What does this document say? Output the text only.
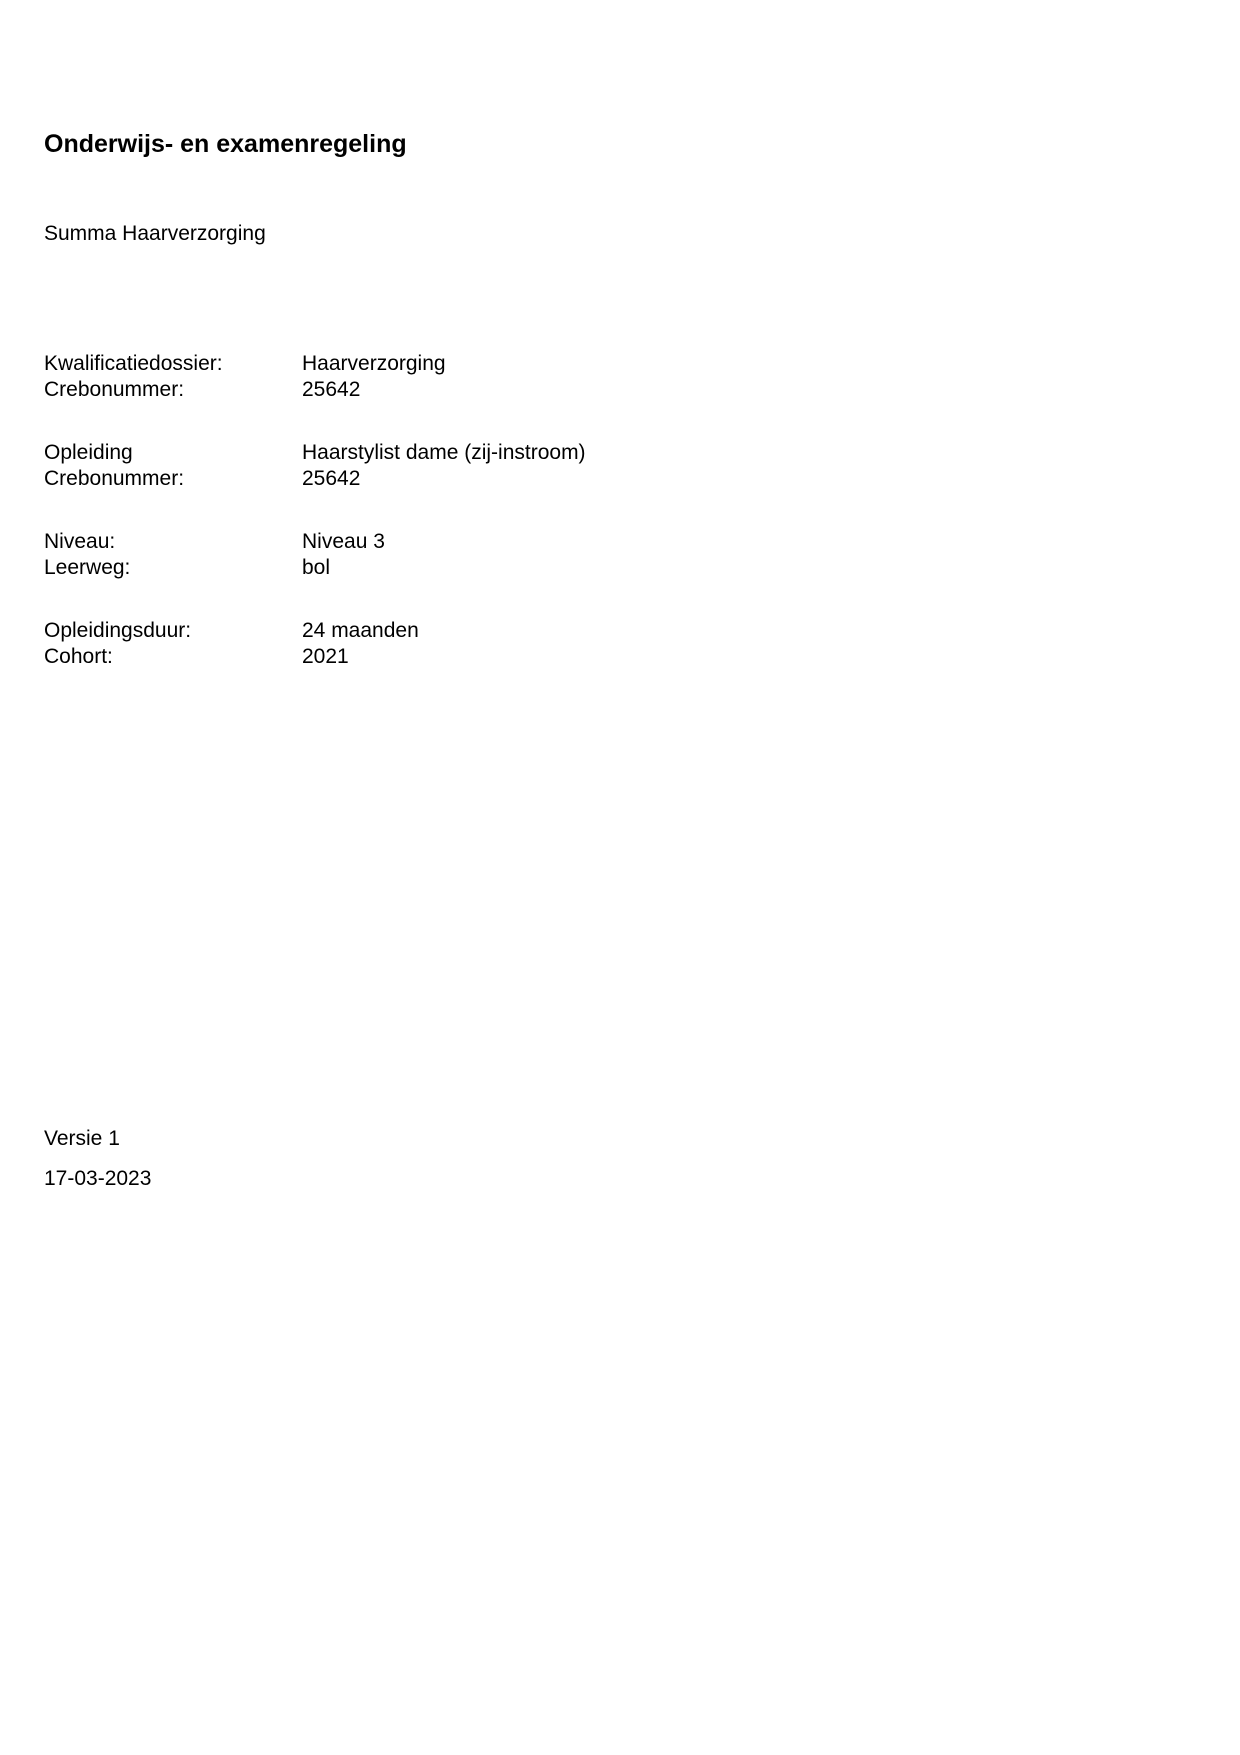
Onderwijs- en examenregeling
Summa Haarverzorging
Kwalificatiedossier:	Haarverzorging
Crebonummer:	25642
Opleiding	Haarstylist dame (zij-instroom)
Crebonummer:	25642
Niveau:	Niveau 3
Leerweg:	bol
Opleidingsduur:	24 maanden
Cohort:	2021
Versie 1
17-03-2023
